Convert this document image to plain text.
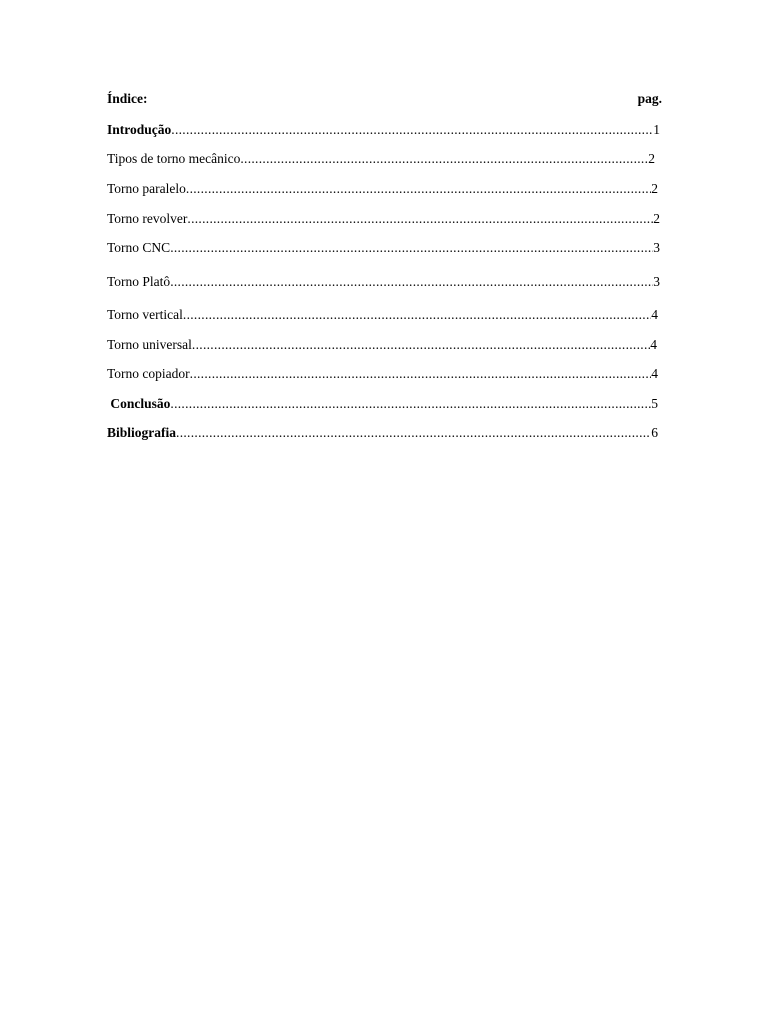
Índice:	pag.
Introdução .....	1
Tipos de torno mecânico .....	2
Torno paralelo .....	2
Torno revolver .....	2
Torno CNC .....	3
Torno Platô .....	3
Torno vertical .....	4
Torno universal .....	4
Torno copiador .....	4
Conclusão .....	5
Bibliografia .....	6
